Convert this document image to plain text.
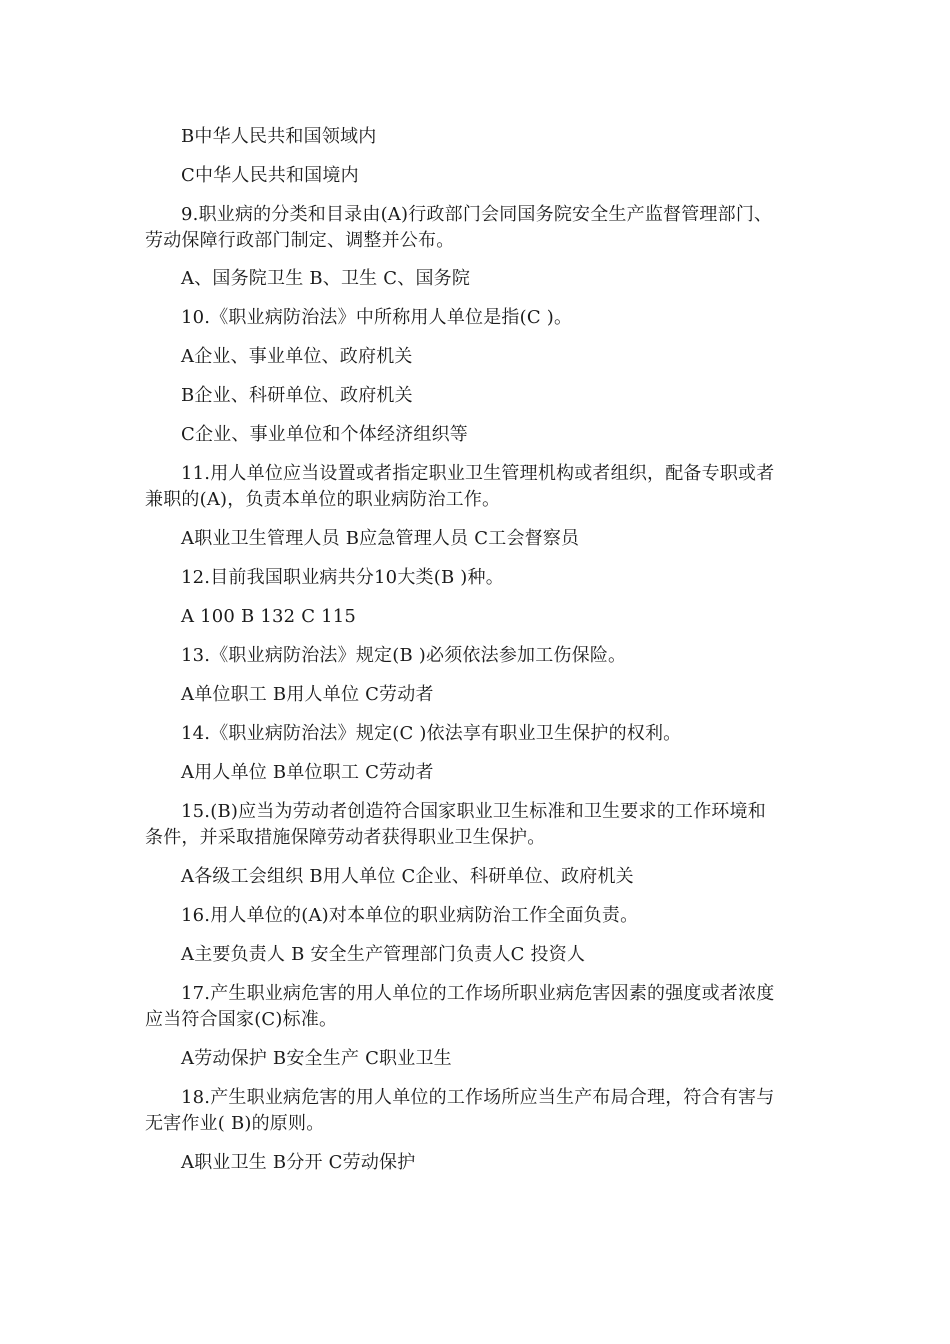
B中华人民共和国领域内
C中华人民共和国境内
9.职业病的分类和目录由(A)行政部门会同国务院安全生产监督管理部门、
劳动保障行政部门制定、调整并公布。
A、国务院卫生 B、卫生 C、国务院
10.《职业病防治法》中所称用人单位是指(C )。
A企业、事业单位、政府机关
B企业、科研单位、政府机关
C企业、事业单位和个体经济组织等
11.用人单位应当设置或者指定职业卫生管理机构或者组织，配备专职或者
兼职的(A)，负责本单位的职业病防治工作。
A职业卫生管理人员 B应急管理人员 C工会督察员
12.目前我国职业病共分10大类(B )种。
A 100 B 132 C 115
13.《职业病防治法》规定(B )必须依法参加工伤保险。
A单位职工 B用人单位 C劳动者
14.《职业病防治法》规定(C )依法享有职业卫生保护的权利。
A用人单位 B单位职工 C劳动者
15.(B)应当为劳动者创造符合国家职业卫生标准和卫生要求的工作环境和
条件，并采取措施保障劳动者获得职业卫生保护。
A各级工会组织 B用人单位 C企业、科研单位、政府机关
16.用人单位的(A)对本单位的职业病防治工作全面负责。
A主要负责人 B 安全生产管理部门负责人C 投资人
17.产生职业病危害的用人单位的工作场所职业病危害因素的强度或者浓度
应当符合国家(C)标准。
A劳动保护 B安全生产 C职业卫生
18.产生职业病危害的用人单位的工作场所应当生产布局合理，符合有害与
无害作业( B)的原则。
A职业卫生 B分开 C劳动保护
